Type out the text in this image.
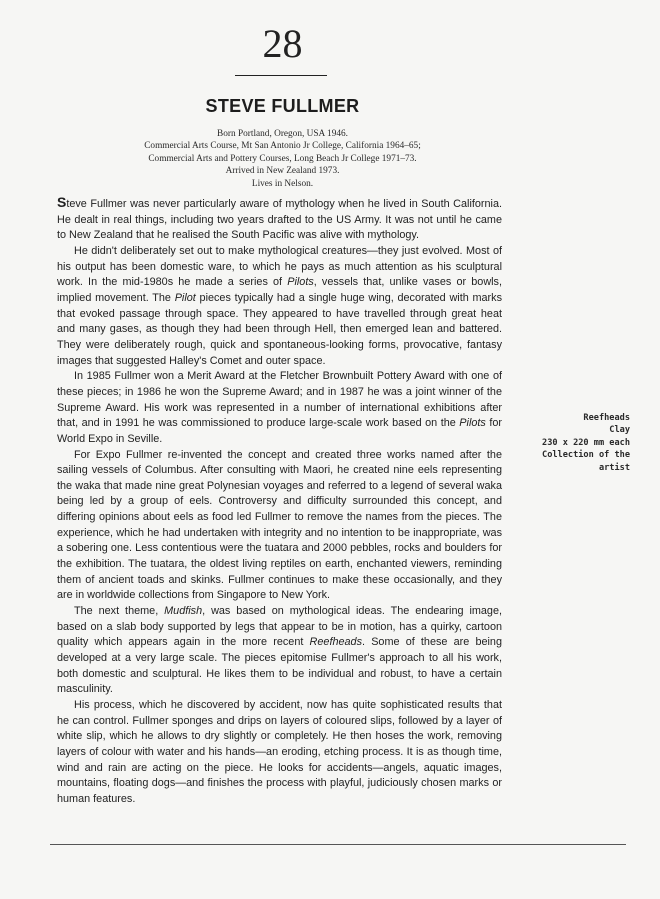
28
STEVE FULLMER
Born Portland, Oregon, USA 1946.
Commercial Arts Course, Mt San Antonio Jr College, California 1964–65;
Commercial Arts and Pottery Courses, Long Beach Jr College 1971–73.
Arrived in New Zealand 1973.
Lives in Nelson.

Steve Fullmer was never particularly aware of mythology when he lived in South California. He dealt in real things, including two years drafted to the US Army. It was not until he came to New Zealand that he realised the South Pacific was alive with mythology.

He didn't deliberately set out to make mythological creatures—they just evolved. Most of his output has been domestic ware, to which he pays as much attention as his sculptural work. In the mid-1980s he made a series of Pilots, vessels that, unlike vases or bowls, implied movement. The Pilot pieces typically had a single huge wing, decorated with marks that evoked passage through space. They appeared to have travelled through great heat and many gases, as though they had been through Hell, then emerged lean and battered. They were deliberately rough, quick and spontaneous-looking forms, provocative, fantasy images that suggested Halley's Comet and outer space.

In 1985 Fullmer won a Merit Award at the Fletcher Brownbuilt Pottery Award with one of these pieces; in 1986 he won the Supreme Award; and in 1987 he was a joint winner of the Supreme Award. His work was represented in a number of international exhibitions after that, and in 1991 he was commissioned to produce large-scale work based on the Pilots for World Expo in Seville.

For Expo Fullmer re-invented the concept and created three works named after the sailing vessels of Columbus. After consulting with Maori, he created nine eels representing the waka that made nine great Polynesian voyages and referred to a legend of several waka being led by a group of eels. Controversy and difficulty surrounded this concept, and differing opinions about eels as food led Fullmer to remove the names from the pieces. The experience, which he had undertaken with integrity and no intention to be inappropriate, was a sobering one. Less contentious were the tuatara and 2000 pebbles, rocks and boulders for the exhibition. The tuatara, the oldest living reptiles on earth, enchanted viewers, reminding them of ancient toads and skinks. Fullmer continues to make these occasionally, and they are in worldwide collections from Singapore to New York.

The next theme, Mudfish, was based on mythological ideas. The endearing image, based on a slab body supported by legs that appear to be in motion, has a quirky, cartoon quality which appears again in the more recent Reefheads. Some of these are being developed at a very large scale. The pieces epitomise Fullmer's approach to all his work, both domestic and sculptural. He likes them to be individual and robust, to have a certain masculinity.

His process, which he discovered by accident, now has quite sophisticated results that he can control. Fullmer sponges and drips on layers of coloured slips, followed by a layer of white slip, which he allows to dry slightly or completely. He then hoses the work, removing layers of colour with water and his hands—an eroding, etching process. It is as though time, wind and rain are acting on the piece. He looks for accidents—angels, aquatic images, mountains, floating dogs—and finishes the process with playful, judiciously chosen marks or human features.

Reefheads
Clay
230 x 220 mm each
Collection of the
artist
